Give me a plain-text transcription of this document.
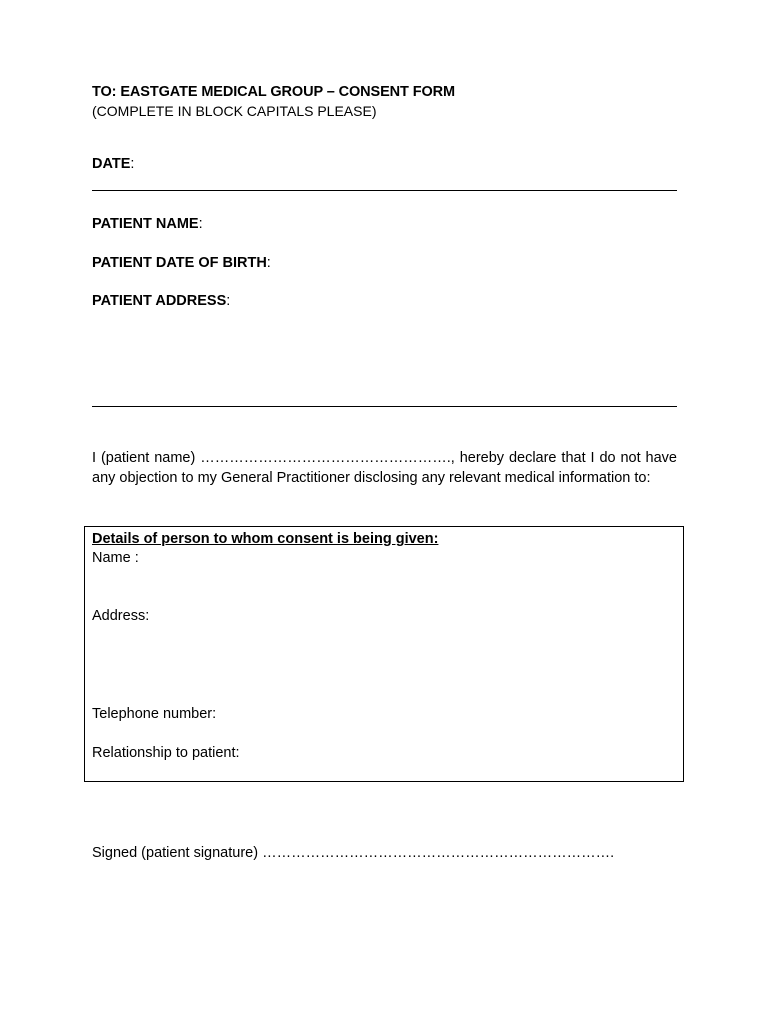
TO: EASTGATE MEDICAL GROUP – CONSENT FORM
(COMPLETE IN BLOCK CAPITALS PLEASE)
DATE:
PATIENT NAME:
PATIENT DATE OF BIRTH:
PATIENT ADDRESS:
I (patient name) ……………………………………………., hereby declare that I do not have any objection to my General Practitioner disclosing any relevant medical information to:
Details of person to whom consent is being given:
Name :
Address:
Telephone number:
Relationship to patient:
Signed (patient signature) ……………………………………………………………….
